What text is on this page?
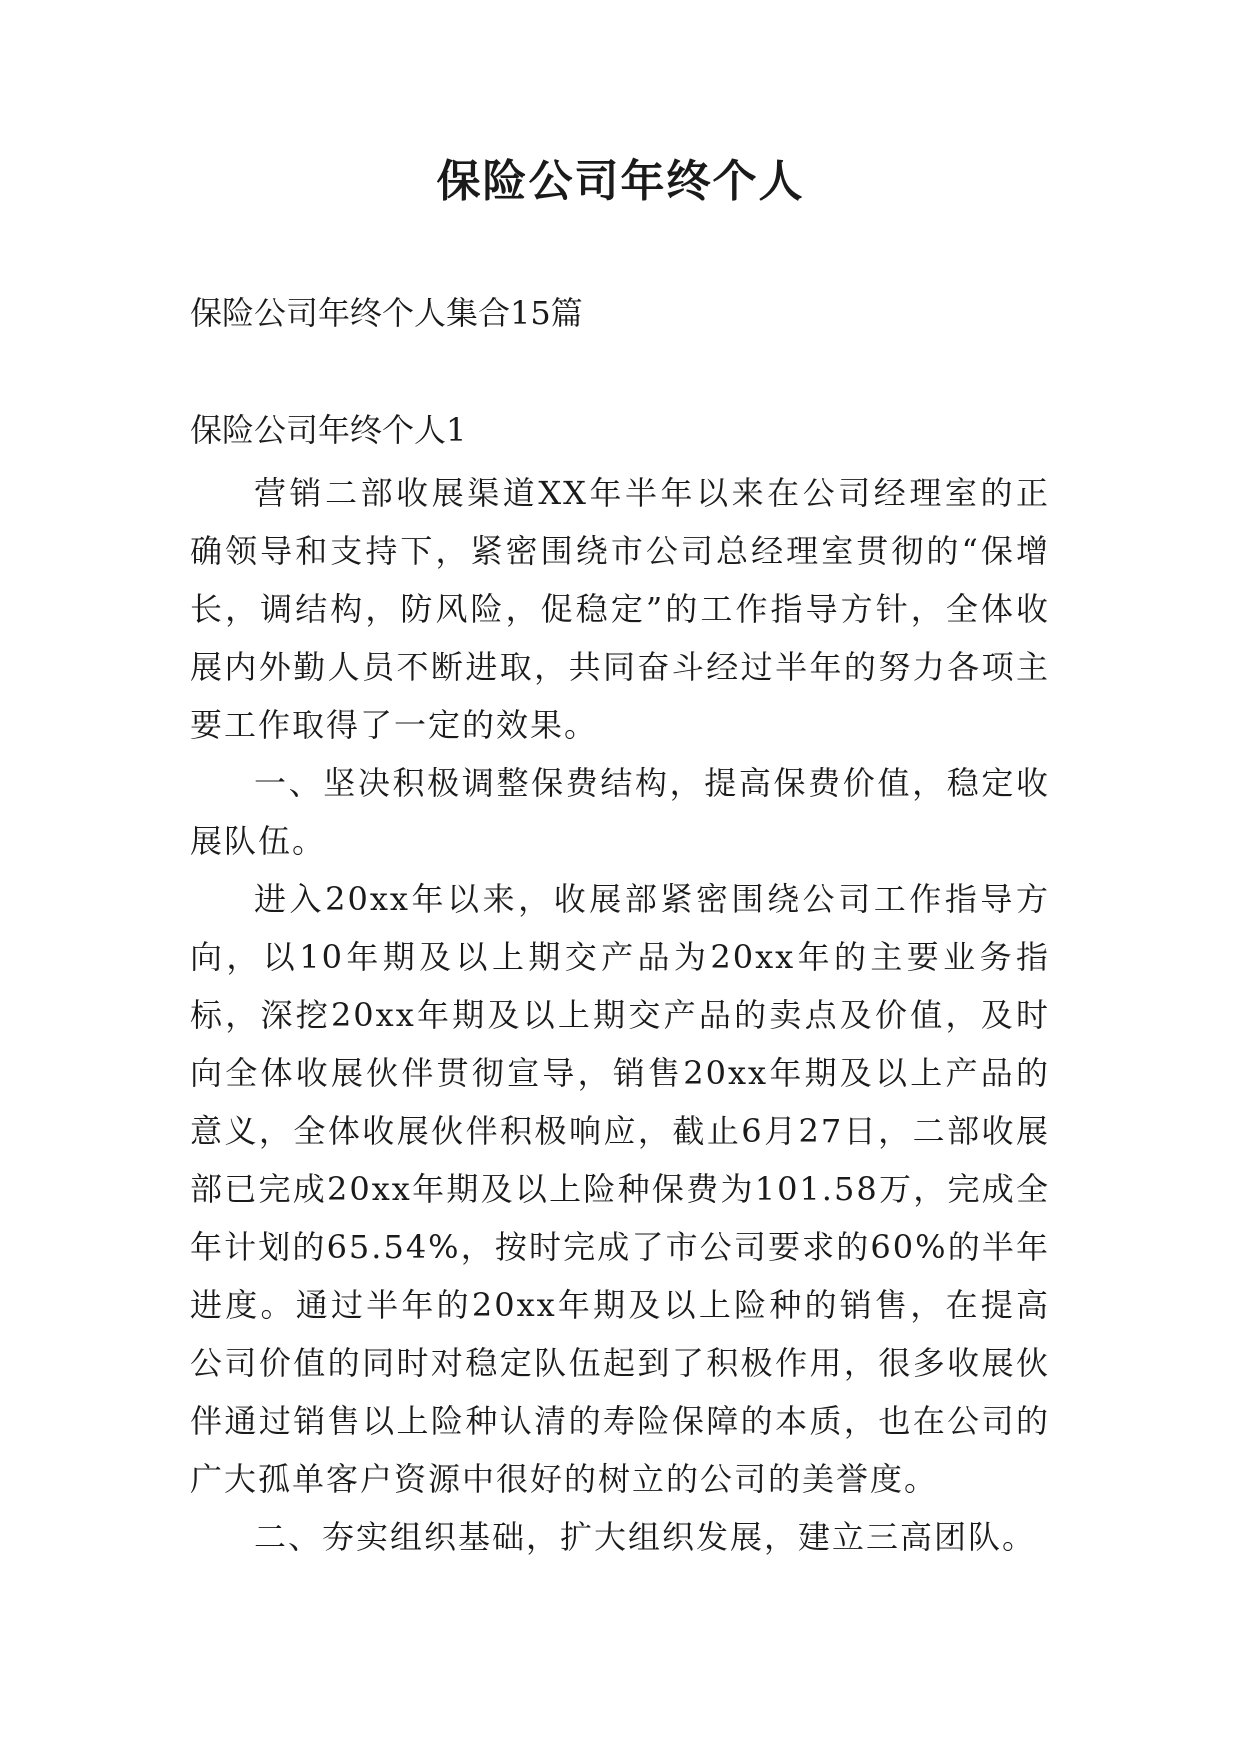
保险公司年终个人

保险公司年终个人集合15篇

保险公司年终个人1

营销二部收展渠道XX年半年以来在公司经理室的正确领导和支持下，紧密围绕市公司总经理室贯彻的“保增长，调结构，防风险，促稳定”的工作指导方针，全体收展内外勤人员不断进取，共同奋斗经过半年的努力各项主要工作取得了一定的效果。

一、坚决积极调整保费结构，提高保费价值，稳定收展队伍。

进入20xx年以来，收展部紧密围绕公司工作指导方向，以10年期及以上期交产品为20xx年的主要业务指标，深挖20xx年期及以上期交产品的卖点及价值，及时向全体收展伙伴贯彻宣导，销售20xx年期及以上产品的意义，全体收展伙伴积极响应，截止6月27日，二部收展部已完成20xx年期及以上险种保费为101.58万，完成全年计划的65.54%，按时完成了市公司要求的60%的半年进度。通过半年的20xx年期及以上险种的销售，在提高公司价值的同时对稳定队伍起到了积极作用，很多收展伙伴通过销售以上险种认清的寿险保障的本质，也在公司的广大孤单客户资源中很好的树立的公司的美誉度。

二、夯实组织基础，扩大组织发展，建立三高团队。
